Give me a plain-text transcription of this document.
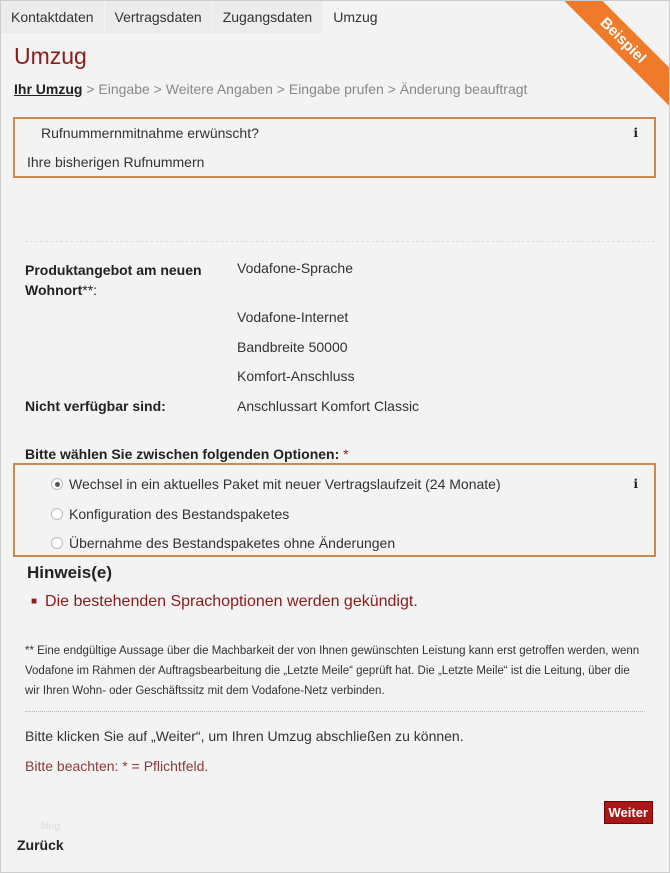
Kontaktdaten	Vertragsdaten	Zugangsdaten	Umzug	Beispiel
Umzug
Ihr Umzug > Eingabe > Weitere Angaben > Eingabe prufen > Änderung beauftragt
Rufnummernmitnahme erwünscht?	i
Ihre bisherigen Rufnummern
Produktangebot am neuen Wohnort**:
Vodafone-Sprache
Vodafone-Internet
Bandbreite 50000
Komfort-Anschluss
Nicht verfügbar sind:	Anschlussart Komfort Classic
Bitte wählen Sie zwischen folgenden Optionen: *
Wechsel in ein aktuelles Paket mit neuer Vertragslaufzeit (24 Monate)	i
Konfiguration des Bestandspaketes
Übernahme des Bestandspaketes ohne Änderungen
Hinweis(e)
■ Die bestehenden Sprachoptionen werden gekündigt.
** Eine endgültige Aussage über die Machbarkeit der von Ihnen gewünschten Leistung kann erst getroffen werden, wenn Vodafone im Rahmen der Auftragsbearbeitung die „Letzte Meile“ geprüft hat. Die „Letzte Meile“ ist die Leitung, über die wir Ihren Wohn- oder Geschäftssitz mit dem Vodafone-Netz verbinden.
Bitte klicken Sie auf „Weiter“, um Ihren Umzug abschließen zu können.
Bitte beachten: * = Pflichtfeld.
Weiter
blog
Zurück
